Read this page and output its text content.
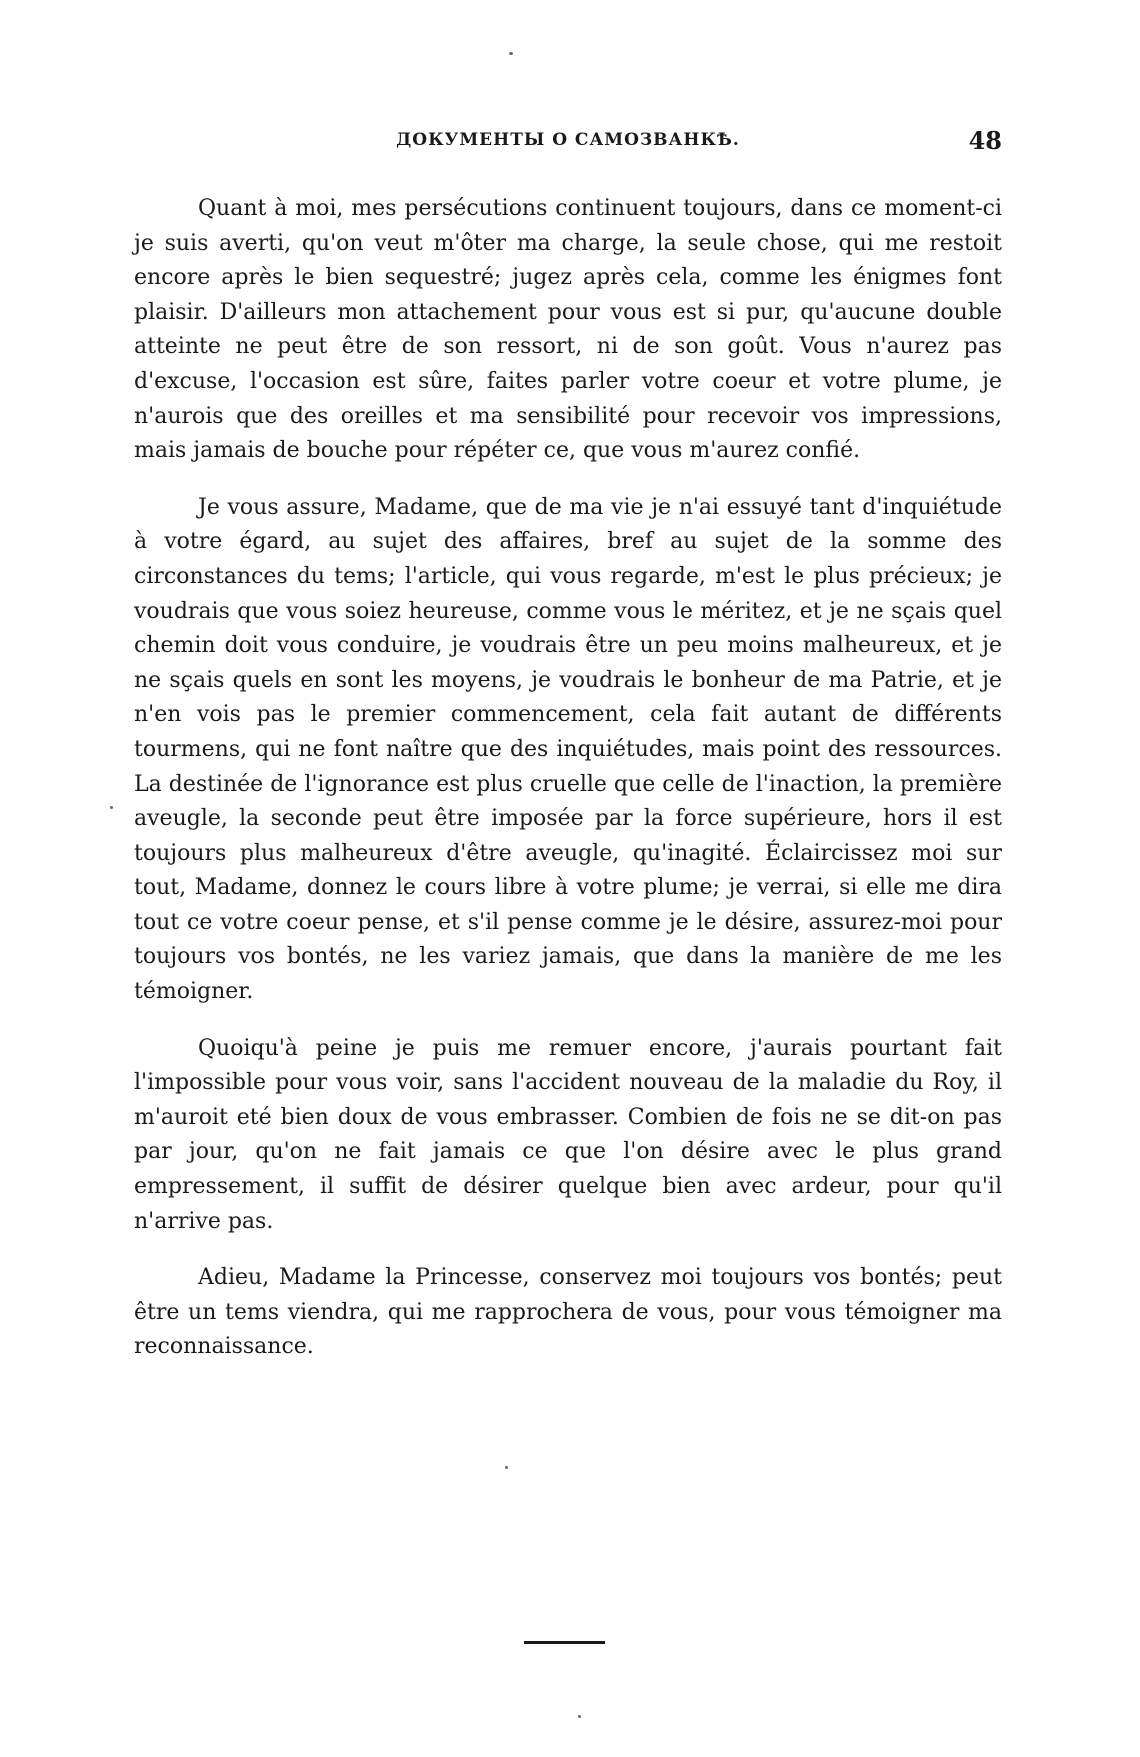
ДОКУМЕНТЫ О САМОЗВАНКѢ.	48

Quant à moi, mes persécutions continuent toujours, dans ce moment-ci je suis averti, qu'on veut m'ôter ma charge, la seule chose, qui me restoit encore après le bien sequestré; jugez après cela, comme les énigmes font plaisir. D'ailleurs mon attachement pour vous est si pur, qu'aucune double atteinte ne peut être de son ressort, ni de son goût. Vous n'aurez pas d'excuse, l'occasion est sûre, faites parler votre coeur et votre plume, je n'aurois que des oreilles et ma sensibilité pour recevoir vos impressions, mais jamais de bouche pour répéter ce, que vous m'aurez confié.

Je vous assure, Madame, que de ma vie je n'ai essuyé tant d'inquiétude à votre égard, au sujet des affaires, bref au sujet de la somme des circonstances du tems; l'article, qui vous regarde, m'est le plus précieux; je voudrais que vous soiez heureuse, comme vous le méritez, et je ne sçais quel chemin doit vous conduire, je voudrais être un peu moins malheureux, et je ne sçais quels en sont les moyens, je voudrais le bonheur de ma Patrie, et je n'en vois pas le premier commencement, cela fait autant de différents tourmens, qui ne font naître que des inquiétudes, mais point des ressources. La destinée de l'ignorance est plus cruelle que celle de l'inaction, la première aveugle, la seconde peut être imposée par la force supérieure, hors il est toujours plus malheureux d'être aveugle, qu'inagité. Éclaircissez moi sur tout, Madame, donnez le cours libre à votre plume; je verrai, si elle me dira tout ce votre coeur pense, et s'il pense comme je le désire, assurez-moi pour toujours vos bontés, ne les variez jamais, que dans la manière de me les témoigner.

Quoiqu'à peine je puis me remuer encore, j'aurais pourtant fait l'impossible pour vous voir, sans l'accident nouveau de la maladie du Roy, il m'auroit eté bien doux de vous embrasser. Combien de fois ne se dit-on pas par jour, qu'on ne fait jamais ce que l'on désire avec le plus grand empressement, il suffit de désirer quelque bien avec ardeur, pour qu'il n'arrive pas.

Adieu, Madame la Princesse, conservez moi toujours vos bontés; peut être un tems viendra, qui me rapprochera de vous, pour vous témoigner ma reconnaissance.
